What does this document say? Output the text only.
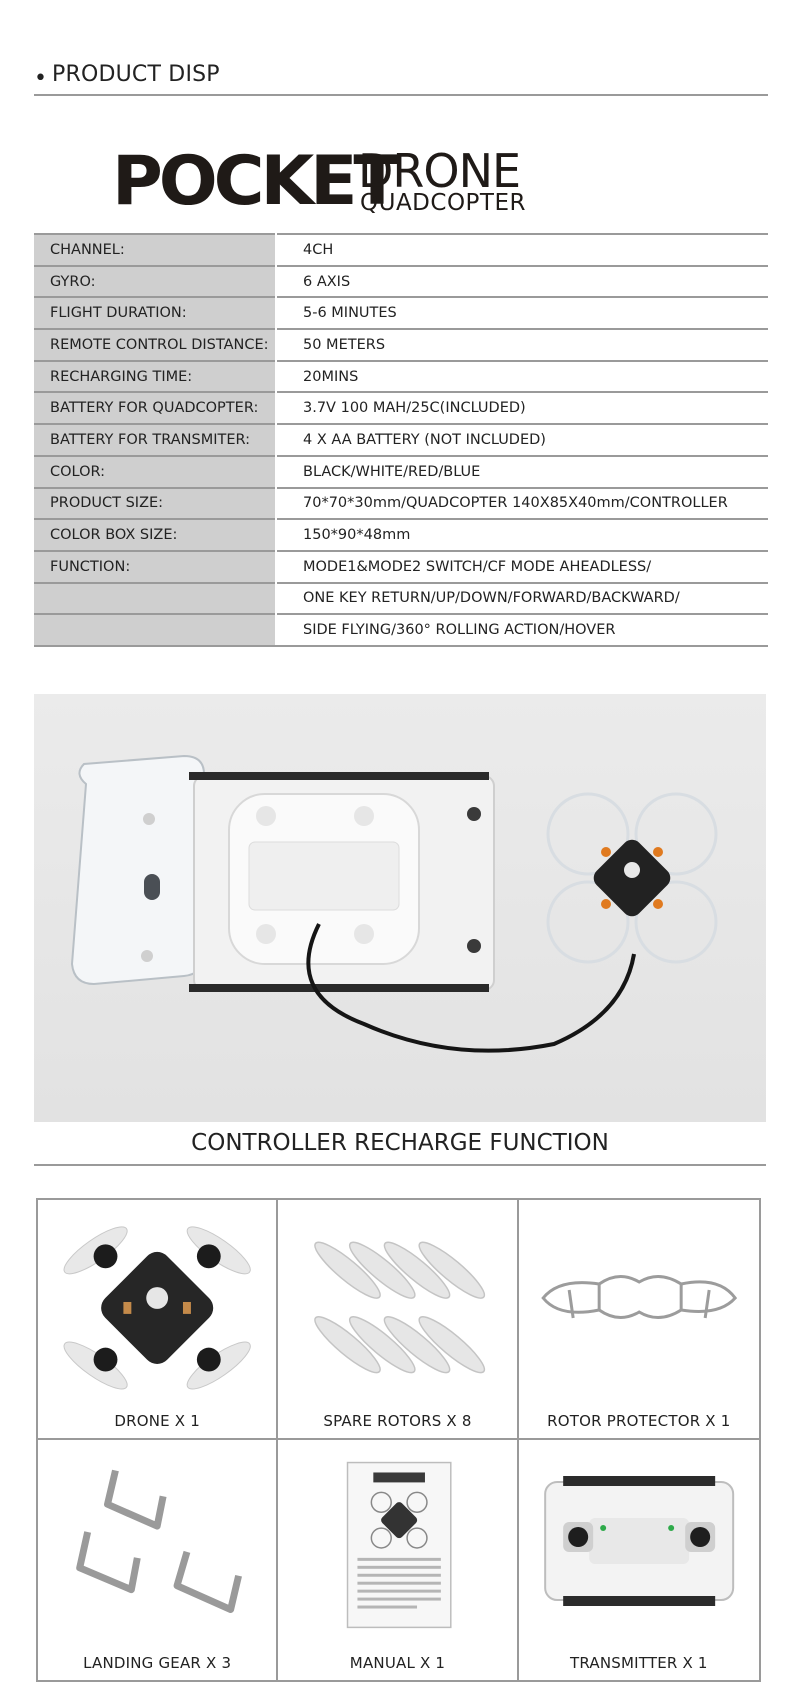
• PRODUCT DISP
POCKET
DRONE
QUADCOPTER
CHANNEL:	4CH
GYRO:	6 AXIS
FLIGHT DURATION:	5-6 MINUTES
REMOTE CONTROL DISTANCE:	50 METERS
RECHARGING TIME:	20MINS
BATTERY FOR QUADCOPTER:	3.7V 100 MAH/25C(INCLUDED)
BATTERY FOR TRANSMITER:	4 X AA BATTERY (NOT INCLUDED)
COLOR:	BLACK/WHITE/RED/BLUE
PRODUCT SIZE:	70*70*30mm/QUADCOPTER 140X85X40mm/CONTROLLER
COLOR BOX SIZE:	150*90*48mm
FUNCTION:	MODE1&MODE2 SWITCH/CF MODE AHEADLESS/
	ONE KEY RETURN/UP/DOWN/FORWARD/BACKWARD/
	SIDE FLYING/360° ROLLING ACTION/HOVER
CONTROLLER RECHARGE FUNCTION
DRONE X 1	SPARE ROTORS X 8	ROTOR PROTECTOR X 1
LANDING GEAR X 3	MANUAL X 1	TRANSMITTER X 1
